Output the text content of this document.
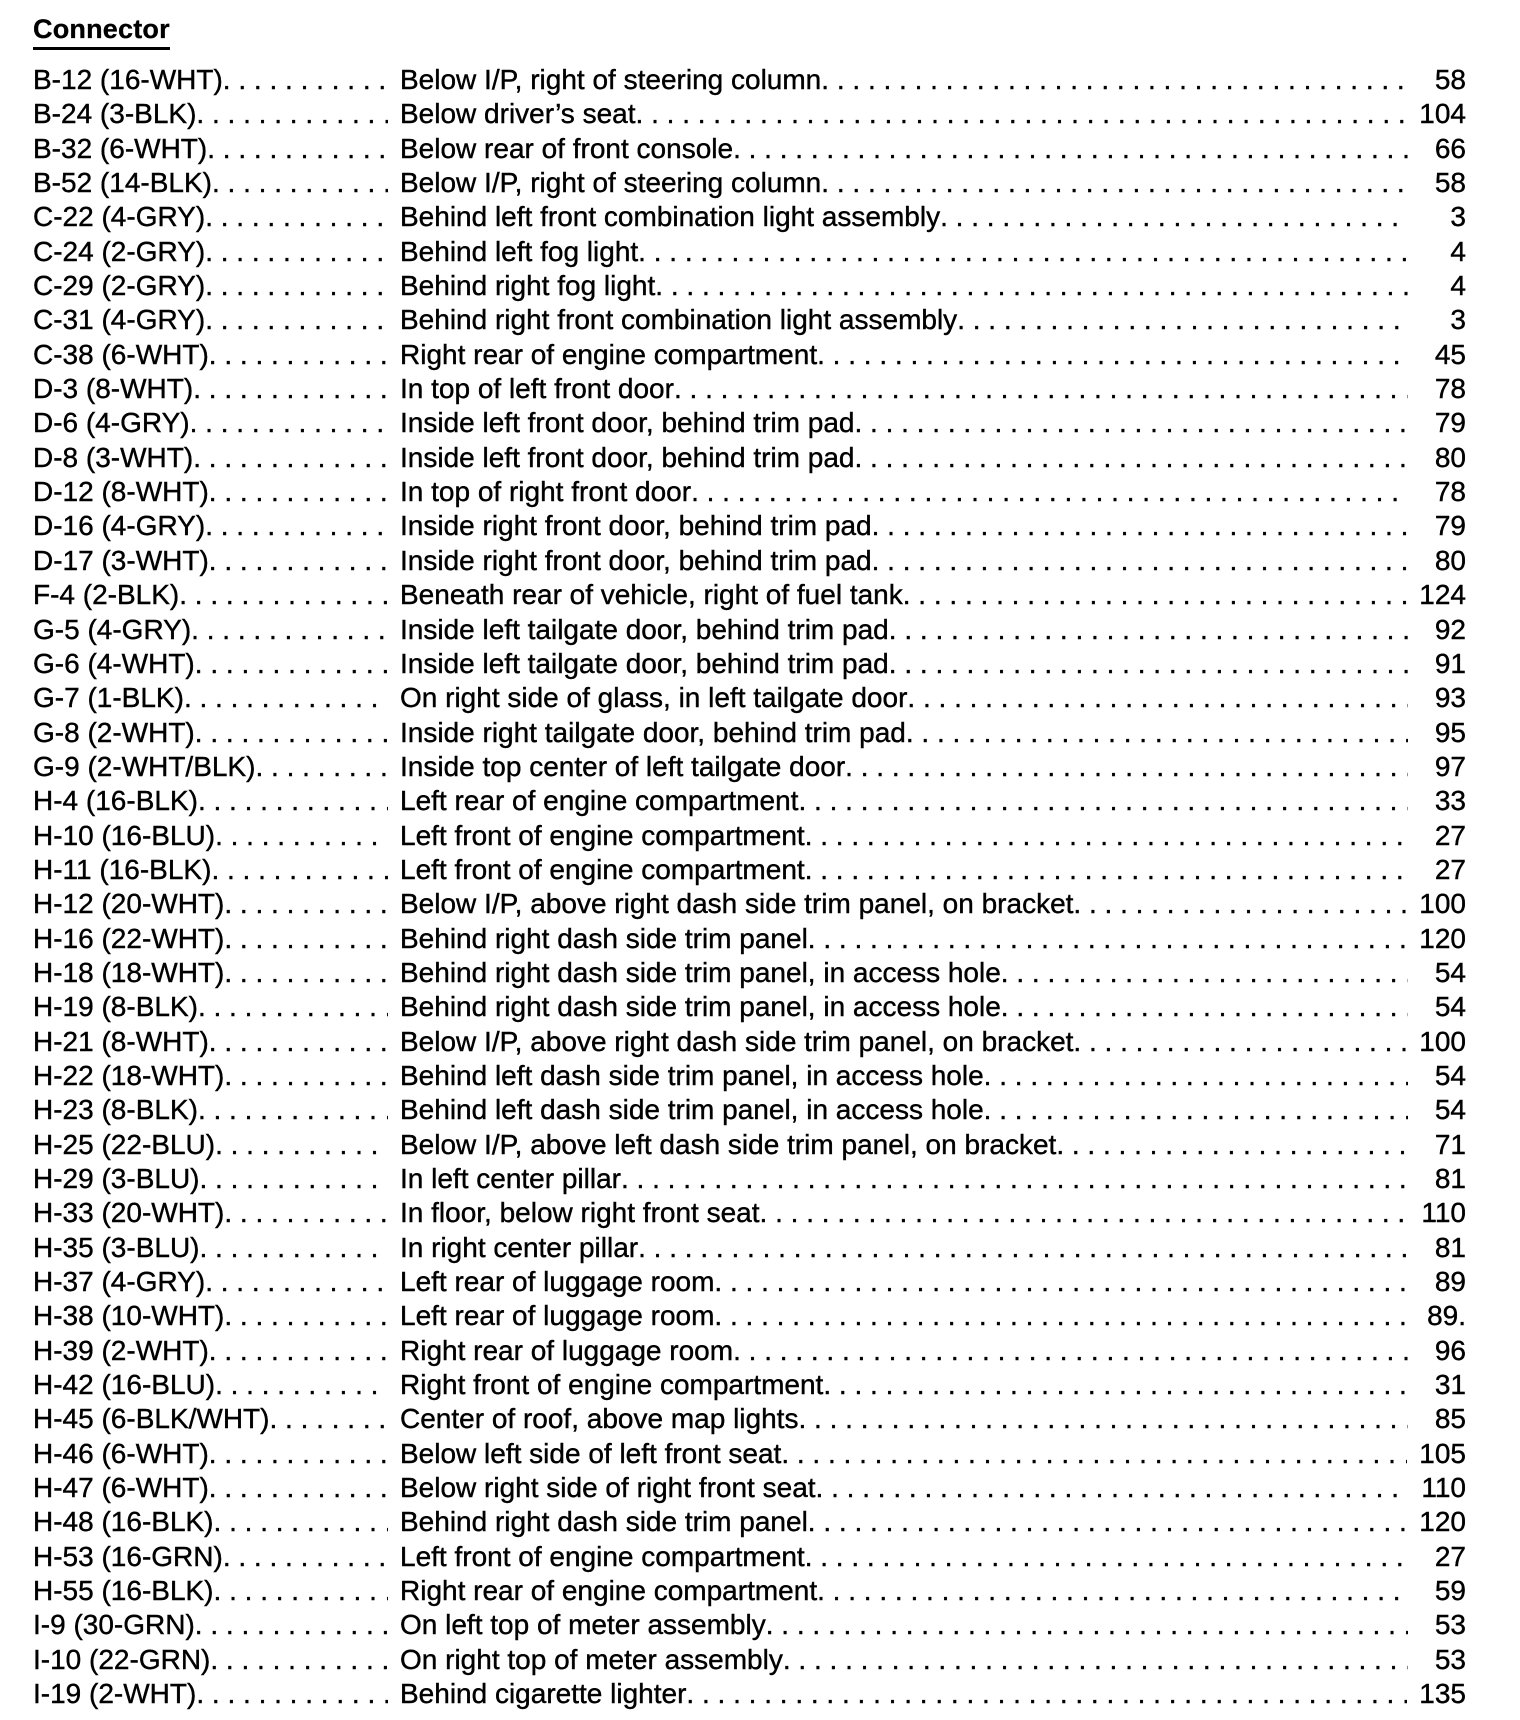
Connector
B-12 (16-WHT) . . .	Below I/P, right of steering column . . .	58
B-24 (3-BLK) . . .	Below driver’s seat . . .	104
B-32 (6-WHT) . . .	Below rear of front console . . .	66
B-52 (14-BLK) . . .	Below I/P, right of steering column . . .	58
C-22 (4-GRY) . . .	Behind left front combination light assembly . . .	3
C-24 (2-GRY) . . .	Behind left fog light . . .	4
C-29 (2-GRY) . . .	Behind right fog light . . .	4
C-31 (4-GRY) . . .	Behind right front combination light assembly . . .	3
C-38 (6-WHT) . . .	Right rear of engine compartment . . .	45
D-3 (8-WHT) . . .	In top of left front door . . .	78
D-6 (4-GRY) . . .	Inside left front door, behind trim pad . . .	79
D-8 (3-WHT) . . .	Inside left front door, behind trim pad . . .	80
D-12 (8-WHT) . . .	In top of right front door . . .	78
D-16 (4-GRY) . . .	Inside right front door, behind trim pad . . .	79
D-17 (3-WHT) . . .	Inside right front door, behind trim pad . . .	80
F-4 (2-BLK) . . .	Beneath rear of vehicle, right of fuel tank . . .	124
G-5 (4-GRY) . . .	Inside left tailgate door, behind trim pad . . .	92
G-6 (4-WHT) . . .	Inside left tailgate door, behind trim pad . . .	91
G-7 (1-BLK) . . .	On right side of glass, in left tailgate door . . .	93
G-8 (2-WHT) . . .	Inside right tailgate door, behind trim pad . . .	95
G-9 (2-WHT/BLK) . . .	Inside top center of left tailgate door . . .	97
H-4 (16-BLK) . . .	Left rear of engine compartment . . .	33
H-10 (16-BLU) . . .	Left front of engine compartment . . .	27
H-11 (16-BLK) . . .	Left front of engine compartment . . .	27
H-12 (20-WHT) . . .	Below I/P, above right dash side trim panel, on bracket . . .	100
H-16 (22-WHT) . . .	Behind right dash side trim panel . . .	120
H-18 (18-WHT) . . .	Behind right dash side trim panel, in access hole . . .	54
H-19 (8-BLK) . . .	Behind right dash side trim panel, in access hole . . .	54
H-21 (8-WHT) . . .	Below I/P, above right dash side trim panel, on bracket . . .	100
H-22 (18-WHT) . . .	Behind left dash side trim panel, in access hole . . .	54
H-23 (8-BLK) . . .	Behind left dash side trim panel, in access hole . . .	54
H-25 (22-BLU) . . .	Below I/P, above left dash side trim panel, on bracket . . .	71
H-29 (3-BLU) . . .	In left center pillar . . .	81
H-33 (20-WHT) . . .	In floor, below right front seat . . .	110
H-35 (3-BLU) . . .	In right center pillar . . .	81
H-37 (4-GRY) . . .	Left rear of luggage room . . .	89
H-38 (10-WHT) . . .	Left rear of luggage room . . .	89.
H-39 (2-WHT) . . .	Right rear of luggage room . . .	96
H-42 (16-BLU) . . .	Right front of engine compartment . . .	31
H-45 (6-BLK/WHT) . . .	Center of roof, above map lights . . .	85
H-46 (6-WHT) . . .	Below left side of left front seat . . .	105
H-47 (6-WHT) . . .	Below right side of right front seat . . .	110
H-48 (16-BLK) . . .	Behind right dash side trim panel . . .	120
H-53 (16-GRN) . . .	Left front of engine compartment . . .	27
H-55 (16-BLK) . . .	Right rear of engine compartment . . .	59
I-9 (30-GRN) . . .	On left top of meter assembly . . .	53
I-10 (22-GRN) . . .	On right top of meter assembly . . .	53
I-19 (2-WHT) . . .	Behind cigarette lighter . . .	135
